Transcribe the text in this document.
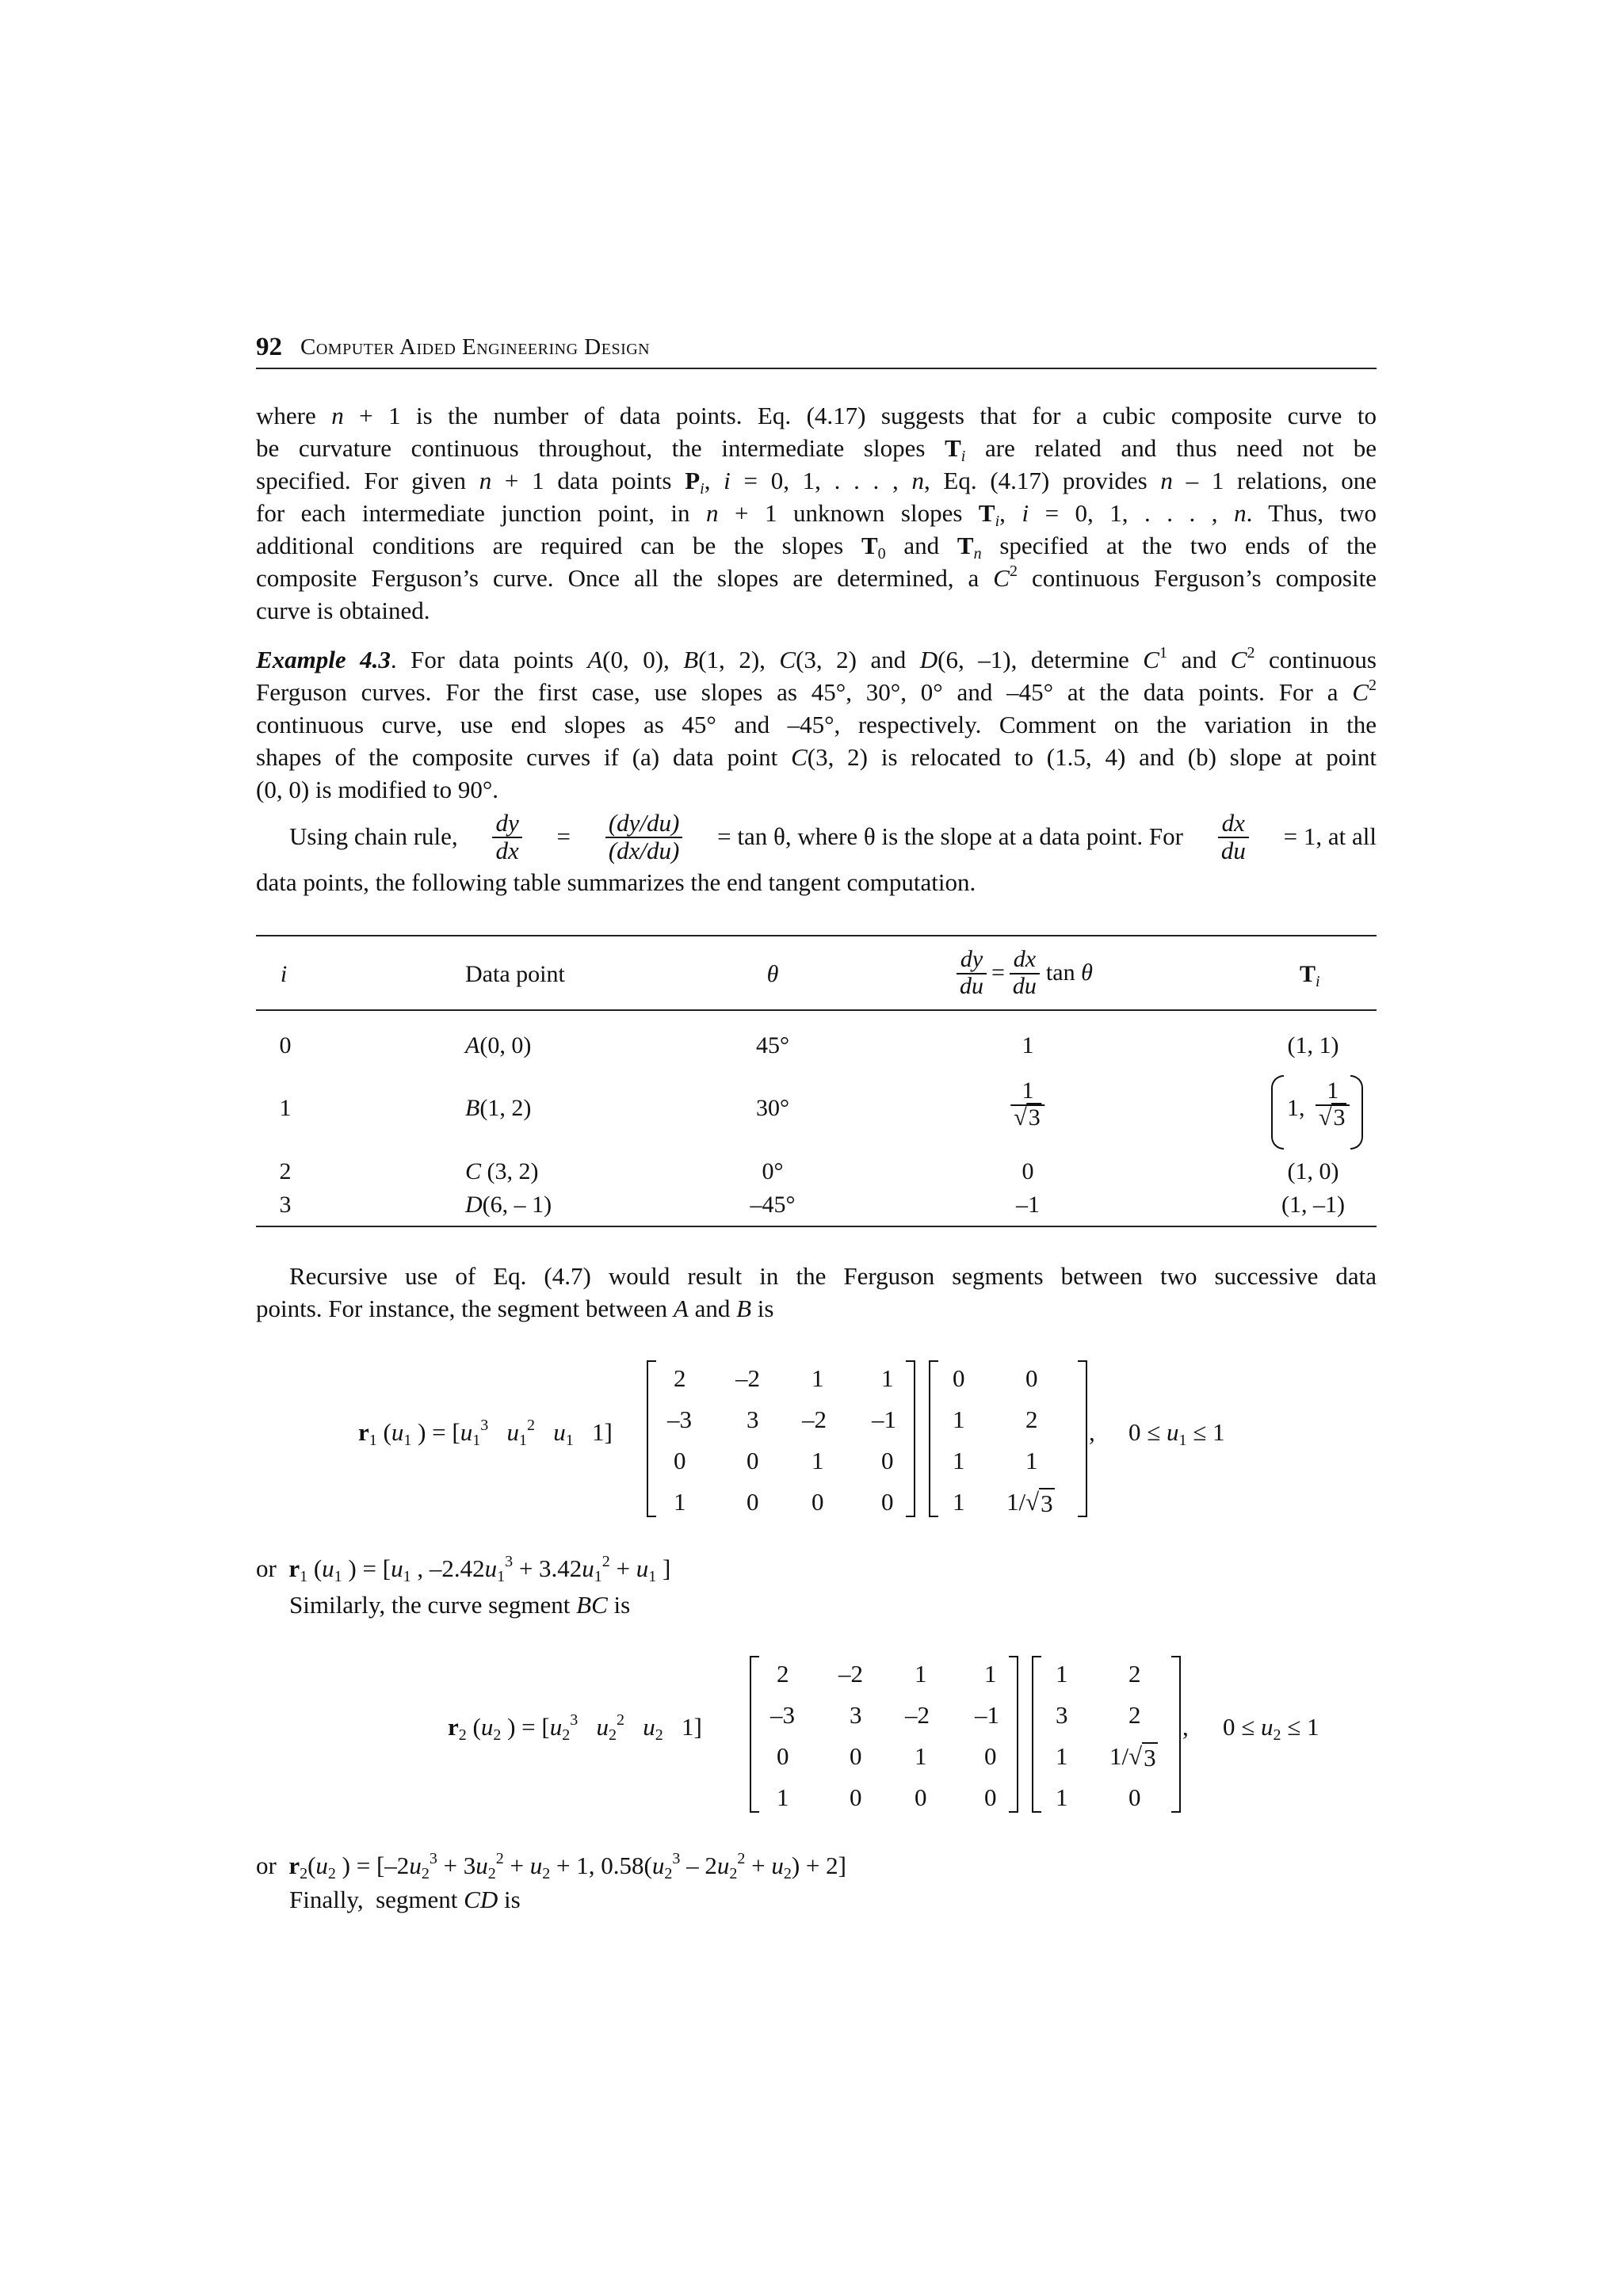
92 Computer Aided Engineering Design
where n + 1 is the number of data points. Eq. (4.17) suggests that for a cubic composite curve to
be curvature continuous throughout, the intermediate slopes $T_i$ are related and thus need not be
specified. For given n + 1 data points $P_i$, i = 0, 1, . . . , n, Eq. (4.17) provides n – 1 relations, one
for each intermediate junction point, in n + 1 unknown slopes $T_i$, i = 0, 1, . . . , n. Thus, two
additional conditions are required can be the slopes $T_0$ and $T_n$ specified at the two ends of the
composite Ferguson’s curve. Once all the slopes are determined, a $C^2$ continuous Ferguson’s composite
curve is obtained.
Example 4.3. For data points A(0, 0), B(1, 2), C(3, 2) and D(6, –1), determine $C^1$ and $C^2$ continuous
Ferguson curves. For the first case, use slopes as 45°, 30°, 0° and –45° at the data points. For a $C^2$
continuous curve, use end slopes as 45° and –45°, respectively. Comment on the variation in the
shapes of the composite curves if (a) data point C(3, 2) is relocated to (1.5, 4) and (b) slope at point
(0, 0) is modified to 90°.
Using chain rule, $\frac{dy}{dx} = \frac{(dy/du)}{(dx/du)} = \tan \theta$, where θ is the slope at a data point. For $\frac{dx}{du} = 1$, at all
data points, the following table summarizes the end tangent computation.
i	Data point	θ	$\frac{dy}{du} = \frac{dx}{du}$ tan θ	$T_i$
0	A(0, 0)	45°	1	(1, 1)
1	B(1, 2)	30°	$\frac{1}{√3}$	1, $\frac{1}{√3}$
2	C (3, 2)	0°	0	(1, 0)
3	D(6, – 1)	–45°	–1	(1, –1)
Recursive use of Eq. (4.7) would result in the Ferguson segments between two successive data
points. For instance, the segment between A and B is
$r_1$ ($u_1$ ) = [$u_1^3$ $u_1^2$ $u_1$   1]
2 –2 1 1
–3 3 –2 –1
0 0 1 0
1 0 0 0
0 0
1 2
1 1
1 1/√ 3
,	$0 \le u_1 \le 1$
or  $r_1$ ($u_1$ ) = [$u_1$ , $-2.42u_1^3 + 3.42u_1^2 + u_1$ ]
Similarly, the curve segment BC is
$r_2$ ($u_2$ ) = [$u_2^3$ $u_2^2$ $u_2$   1]
2 –2 1 1
–3 3 –2 –1
0 0 1 0
1 0 0 0
1 2
3 2
1 1/√ 3
1 0
,	$0 \le u_2 \le 1$
or  $r_2(u_2$ ) = [$-2u_2^3 + 3u_2^2 + u_2 + 1$, $0.58(u_2^3 - 2u_2^2 + u_2) + 2$]
Finally,  segment CD is
